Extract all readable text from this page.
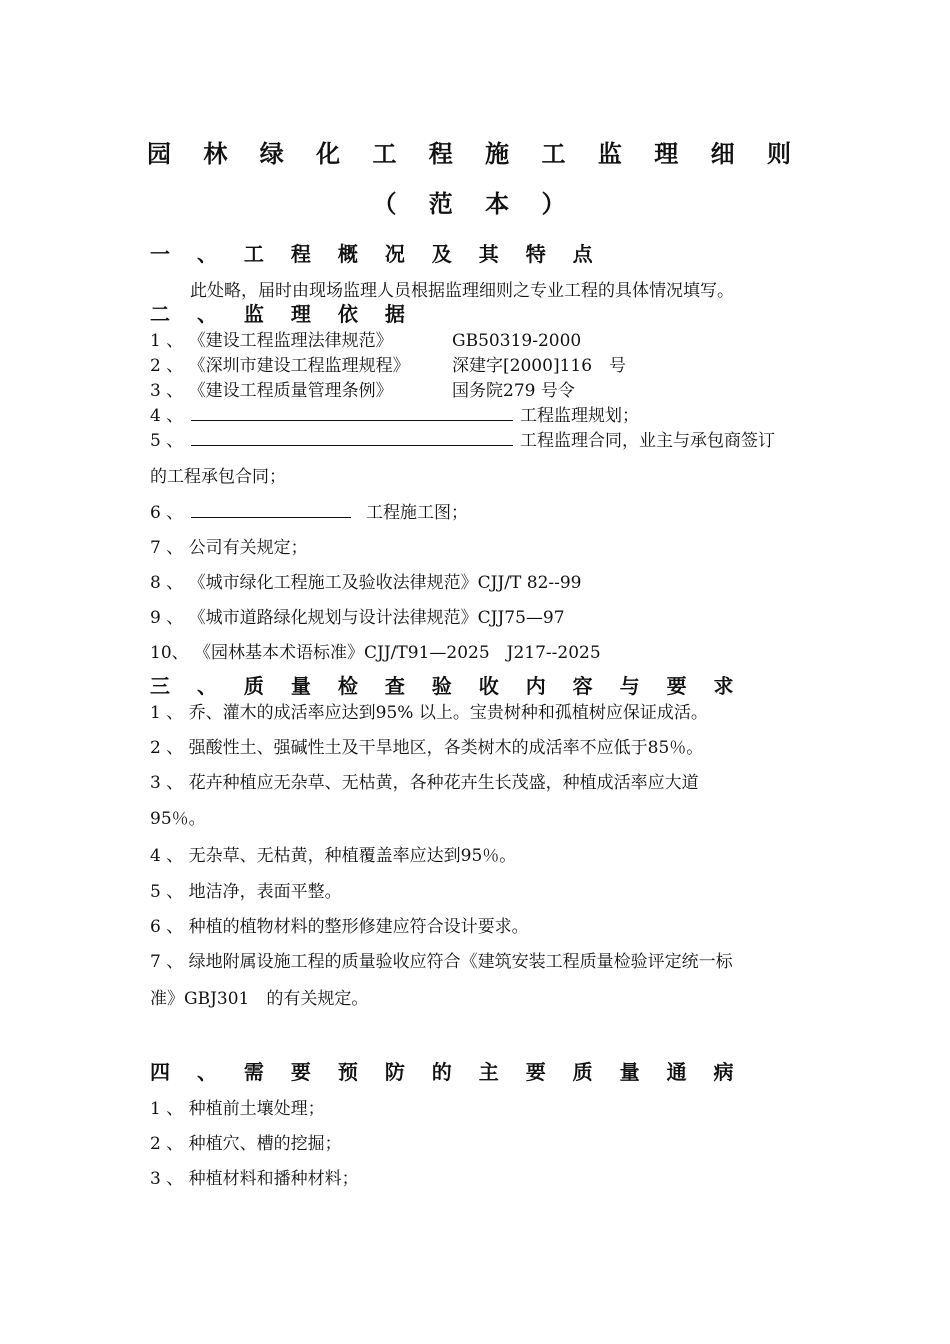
园 林 绿 化 工 程 施 工 监 理 细 则
（ 范 本 ）
一 、 工 程 概 况 及 其 特 点
此处略，届时由现场监理人员根据监理细则之专业工程的具体情况填写。
二 、 监 理 依 据
1 、 《建设工程监理法律规范》	GB50319-2000
2 、 《深圳市建设工程监理规程》 深建字[2000]116　号
3 、 《建设工程质量管理条例》	国务院279 号令
4 、	工程监理规划；
5 、	工程监理合同，业主与承包商签订
的工程承包合同；
6 、	工程施工图；
7 、 公司有关规定；
8 、 《城市绿化工程施工及验收法律规范》CJJ/T 82--99
9 、 《城市道路绿化规划与设计法律规范》CJJ75—97
10、 《园林基本术语标准》CJJ/T91—2025　J217--2025
三 、 质 量 检 查 验 收 内 容 与 要 求
1 、 乔、灌木的成活率应达到95% 以上。宝贵树种和孤植树应保证成活。
2 、 强酸性土、强碱性土及干旱地区，各类树木的成活率不应低于85％。
3 、 花卉种植应无杂草、无枯黄，各种花卉生长茂盛，种植成活率应大道
95％。
4 、 无杂草、无枯黄，种植覆盖率应达到95％。
5 、 地洁净，表面平整。
6 、 种植的植物材料的整形修建应符合设计要求。
7 、 绿地附属设施工程的质量验收应符合《建筑安装工程质量检验评定统一标
准》GBJ301　的有关规定。
四 、 需 要 预 防 的 主 要 质 量 通 病
1 、 种植前土壤处理；
2 、 种植穴、槽的挖掘；
3 、 种植材料和播种材料；
